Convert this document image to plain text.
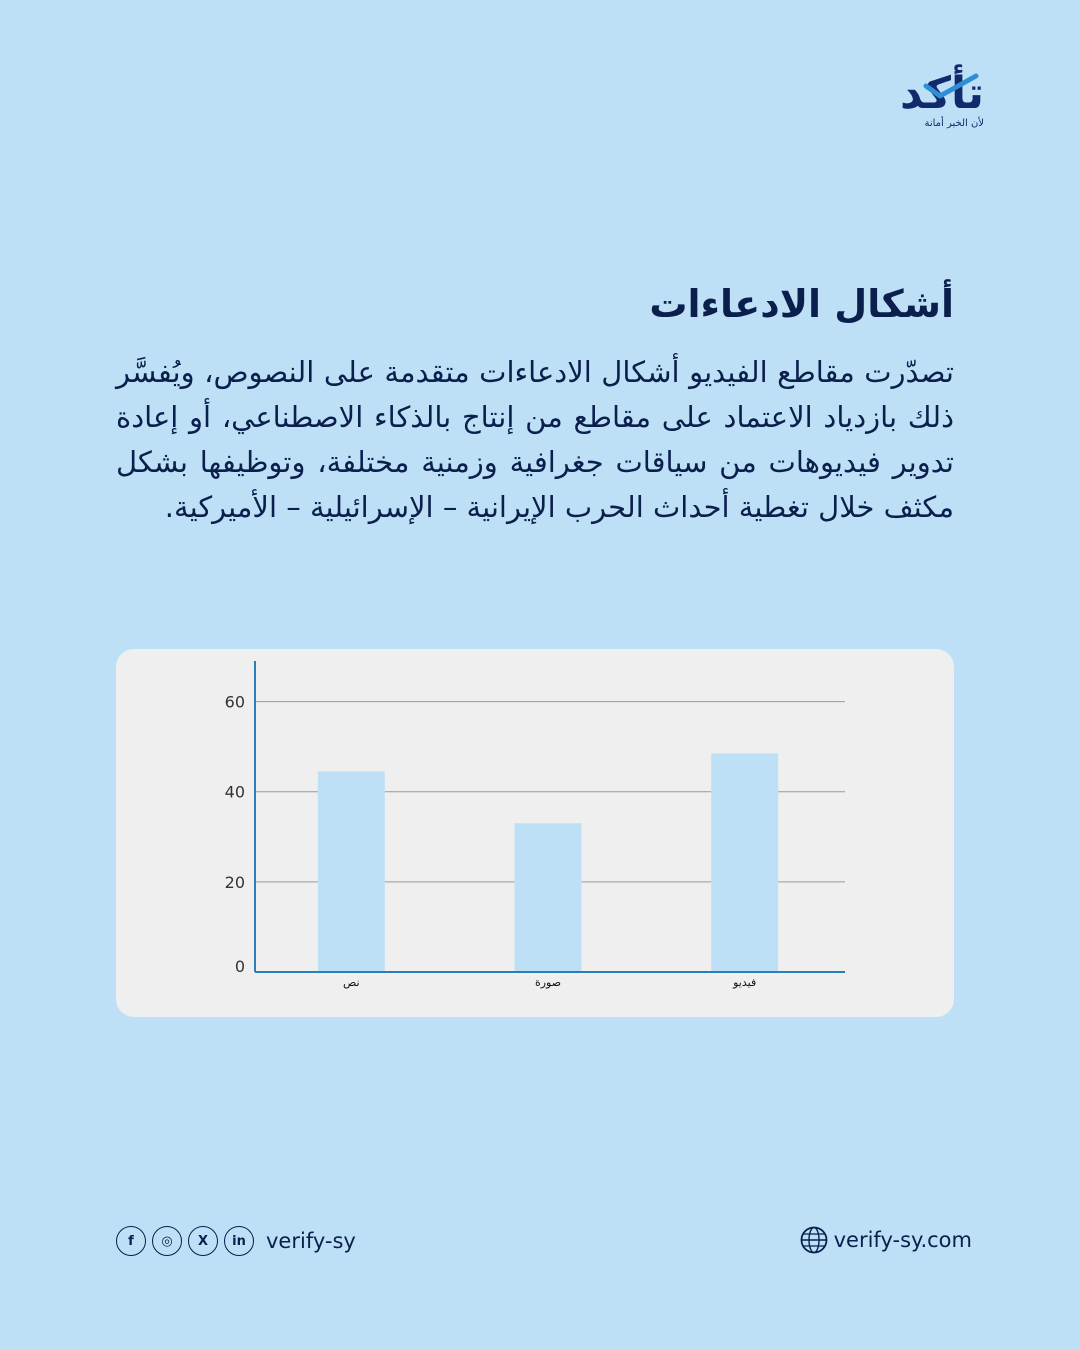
تأكد
لأن الخبر أمانة
أشكال الادعاءات

تصدّرت مقاطع الفيديو أشكال الادعاءات متقدمة على النصوص، ويُفسَّر ذلك بازدياد الاعتماد على مقاطع من إنتاج بالذكاء الاصطناعي، أو إعادة تدوير فيديوهات من سياقات جغرافية وزمنية مختلفة، وتوظيفها بشكل مكثف خلال تغطية أحداث الحرب الإيرانية – الإسرائيلية – الأميركية.

0
20
40
60
نص	صورة	فيديو
f	◎	X	in verify-sy	verify-sy.com
